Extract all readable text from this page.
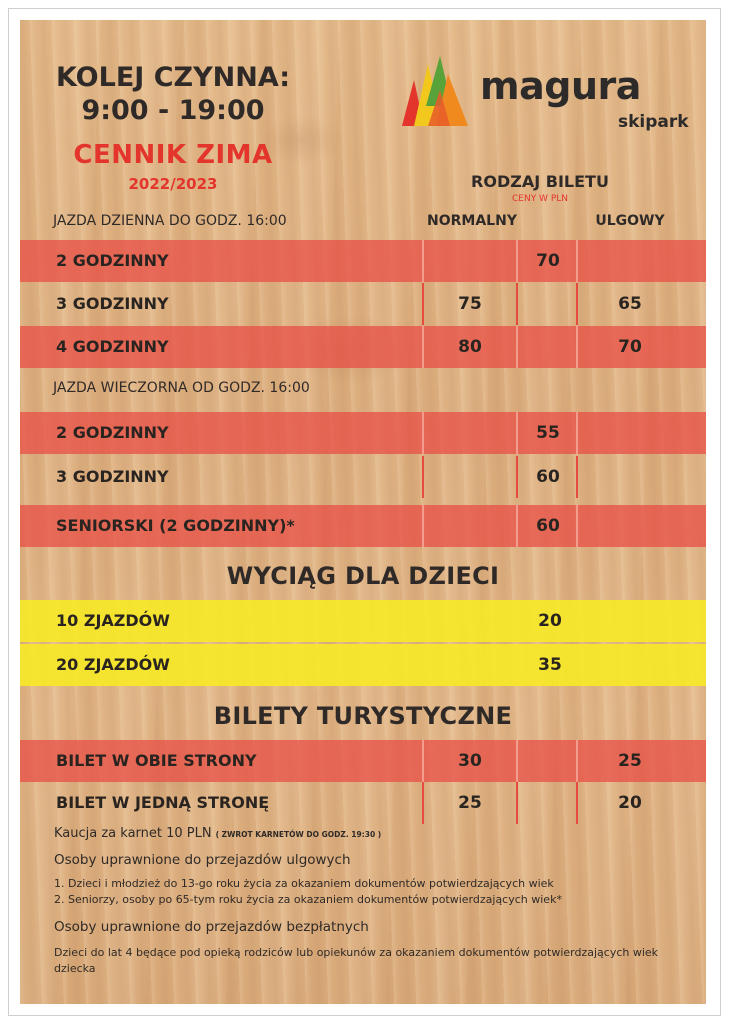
KOLEJ CZYNNA:
9:00 - 19:00
CENNIK ZIMA
2022/2023
magura
skipark
RODZAJ BILETU
CENY W PLN
NORMALNY	ULGOWY
JAZDA DZIENNA DO GODZ. 16:00
2 GODZINNY	70
3 GODZINNY	75	65
4 GODZINNY	80	70
JAZDA WIECZORNA OD GODZ. 16:00
2 GODZINNY	55
3 GODZINNY	60
SENIORSKI (2 GODZINNY)*	60
WYCIĄG DLA DZIECI
10 ZJAZDÓW	20
20 ZJAZDÓW	35
BILETY TURYSTYCZNE
BILET W OBIE STRONY	30	25
BILET W JEDNĄ STRONĘ	25	20
Kaucja za karnet 10 PLN ( ZWROT KARNETÓW DO GODZ. 19:30 )
Osoby uprawnione do przejazdów ulgowych
1. Dzieci i młodzież do 13-go roku życia za okazaniem dokumentów potwierdzających wiek
2. Seniorzy, osoby po 65-tym roku życia za okazaniem dokumentów potwierdzających wiek*
Osoby uprawnione do przejazdów bezpłatnych
Dzieci do lat 4 będące pod opieką rodziców lub opiekunów za okazaniem dokumentów potwierdzających wiek dziecka
